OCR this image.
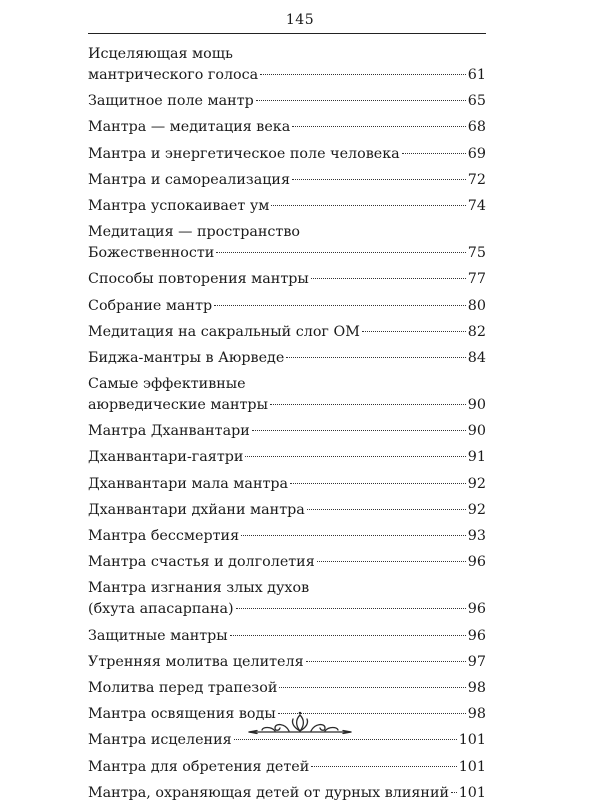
145
Исцеляющая мощь
мантрического голоса	61
Защитное поле мантр	65
Мантра — медитация века	68
Мантра и энергетическое поле человека	69
Мантра и самореализация	72
Мантра успокаивает ум	74
Медитация — пространство
Божественности	75
Способы повторения мантры	77
Собрание мантр	80
Медитация на сакральный слог ОМ	82
Биджа-мантры в Аюрведе	84
Самые эффективные
аюрведические мантры	90
Мантра Дханвантари	90
Дханвантари-гаятри	91
Дханвантари мала мантра	92
Дханвантари дхйани мантра	92
Мантра бессмертия	93
Мантра счастья и долголетия	96
Мантра изгнания злых духов
(бхута апасарпана)	96
Защитные мантры	96
Утренняя молитва целителя	97
Молитва перед трапезой	98
Мантра освящения воды	98
Мантра исцеления	101
Мантра для обретения детей	101
Мантра, охраняющая детей от дурных влияний 101
